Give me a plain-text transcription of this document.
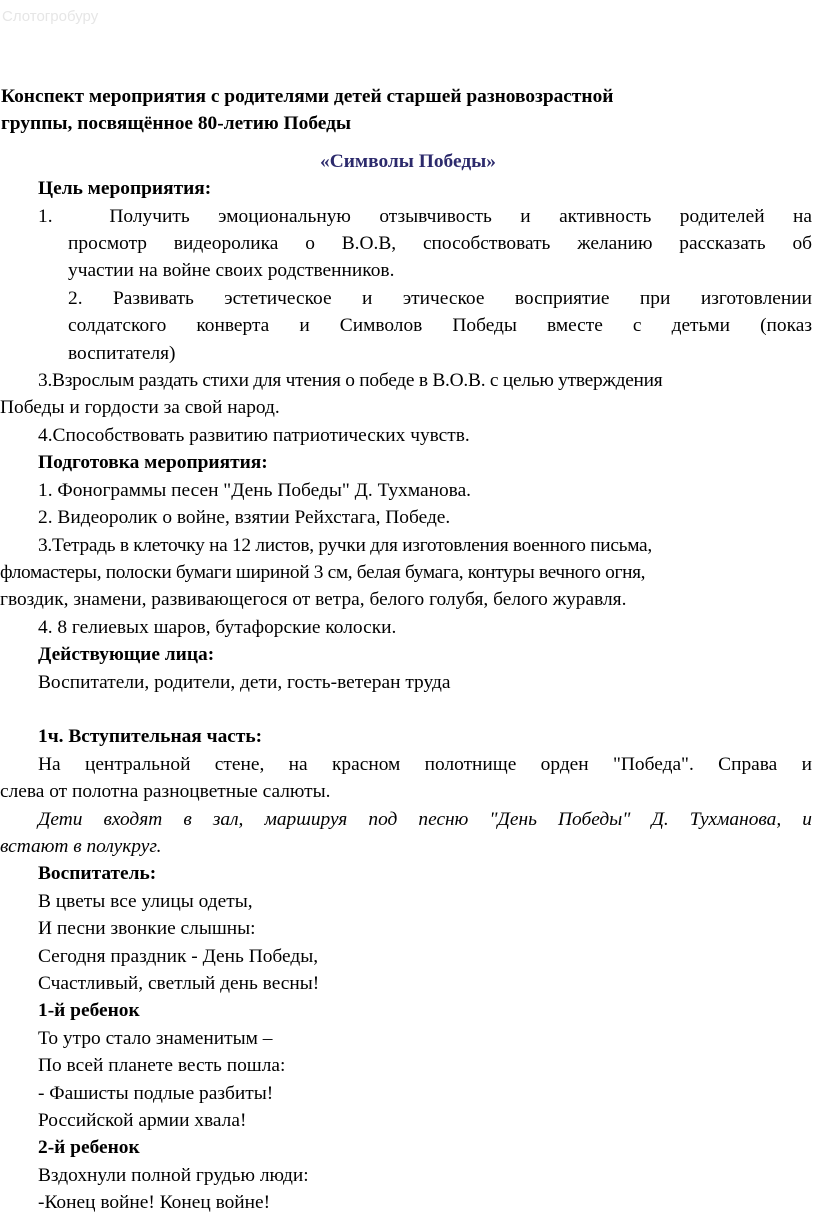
Слотогробуру

Конспект мероприятия с родителями детей старшей разновозрастной

группы, посвящённое 80-летию Победы

«Символы Победы»

Цель мероприятия:

1.	Получить эмоциональную отзывчивость и активность родителей на

просмотр видеоролика о В.О.В, способствовать желанию рассказать об

участии на войне своих родственников.

2. Развивать эстетическое и этическое восприятие при изготовлении

солдатского конверта и Символов Победы вместе с детьми (показ

воспитателя)

3.Взрослым раздать стихи для чтения о победе в В.О.В. с целью утверждения

Победы и гордости за свой народ.

4.Способствовать развитию патриотических чувств.

Подготовка мероприятия:

1. Фонограммы песен "День Победы" Д. Тухманова.

2. Видеоролик о войне, взятии Рейхстага, Победе.

3.Тетрадь в клеточку на 12 листов, ручки для изготовления военного письма,

фломастеры, полоски бумаги шириной 3 см, белая бумага, контуры вечного огня,

гвоздик, знамени, развивающегося от ветра, белого голубя, белого журавля.

4. 8 гелиевых шаров, бутафорские колоски.

Действующие лица:

Воспитатели, родители, дети, гость-ветеран труда

1ч. Вступительная часть:

На центральной стене, на красном полотнище орден "Победа". Справа и

слева от полотна разноцветные салюты.

Дети входят в зал, маршируя под песню "День Победы" Д. Тухманова, и

встают в полукруг.

Воспитатель:

В цветы все улицы одеты,

И песни звонкие слышны:

Сегодня праздник - День Победы,

Счастливый, светлый день весны!

1-й ребенок

То утро стало знаменитым –

По всей планете весть пошла:

- Фашисты подлые разбиты!

Российской армии хвала!

2-й ребенок

Вздохнули полной грудью люди:

-Конец войне! Конец войне!
